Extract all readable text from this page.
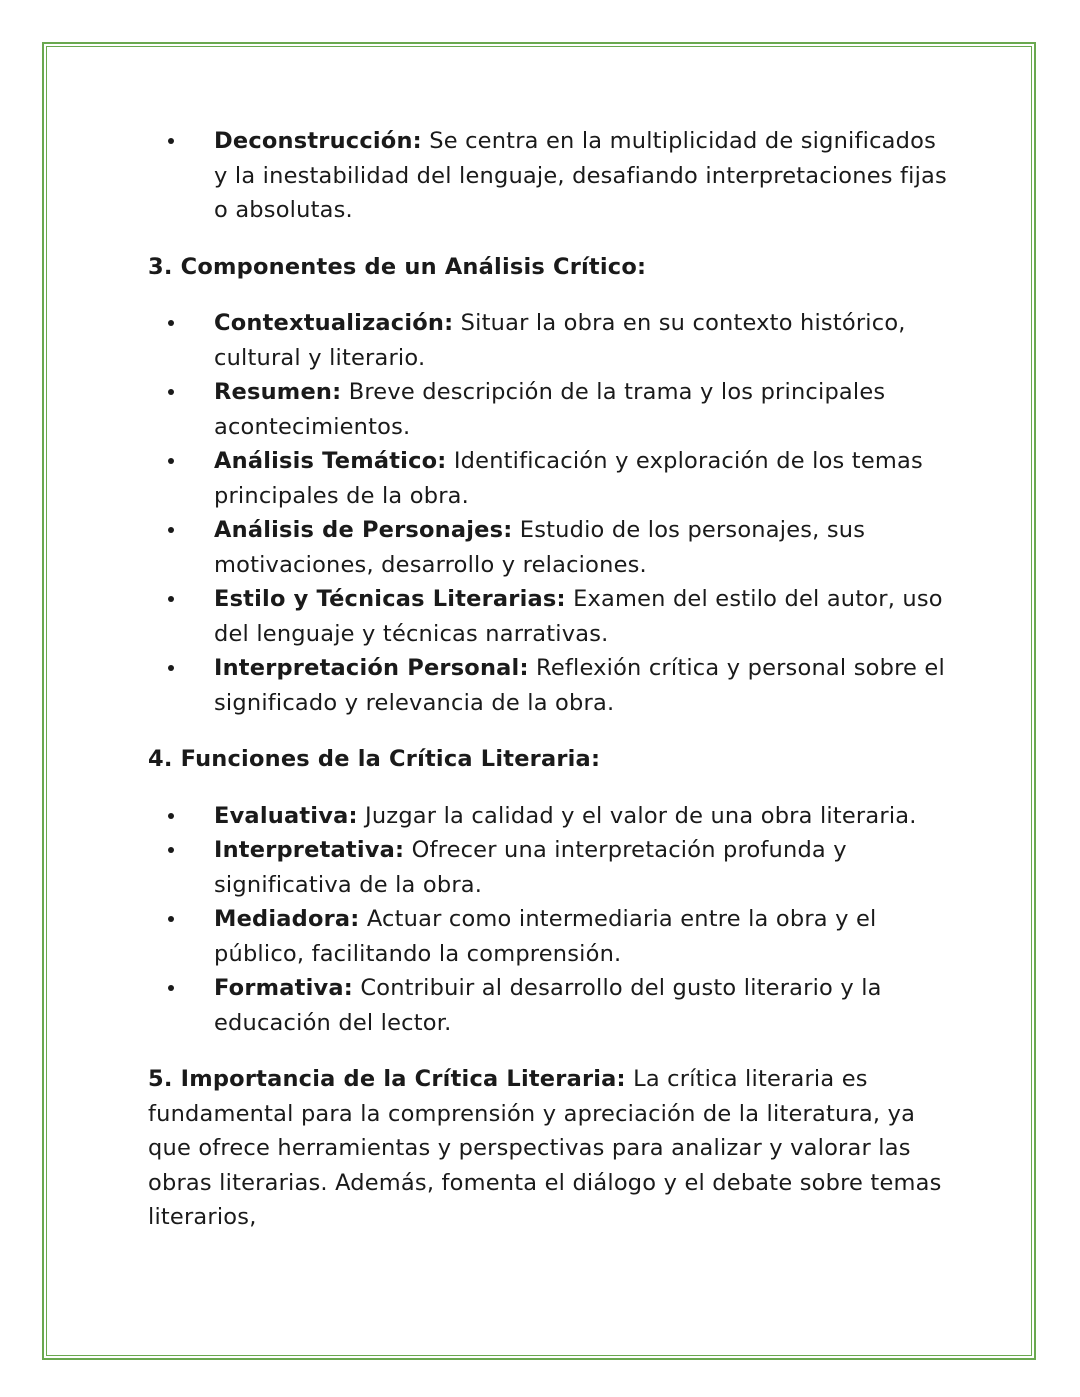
Deconstrucción: Se centra en la multiplicidad de significados y la inestabilidad del lenguaje, desafiando interpretaciones fijas o absolutas.

3. Componentes de un Análisis Crítico:

Contextualización: Situar la obra en su contexto histórico, cultural y literario.
Resumen: Breve descripción de la trama y los principales acontecimientos.
Análisis Temático: Identificación y exploración de los temas principales de la obra.
Análisis de Personajes: Estudio de los personajes, sus motivaciones, desarrollo y relaciones.
Estilo y Técnicas Literarias: Examen del estilo del autor, uso del lenguaje y técnicas narrativas.
Interpretación Personal: Reflexión crítica y personal sobre el significado y relevancia de la obra.

4. Funciones de la Crítica Literaria:

Evaluativa: Juzgar la calidad y el valor de una obra literaria.
Interpretativa: Ofrecer una interpretación profunda y significativa de la obra.
Mediadora: Actuar como intermediaria entre la obra y el público, facilitando la comprensión.
Formativa: Contribuir al desarrollo del gusto literario y la educación del lector.

5. Importancia de la Crítica Literaria: La crítica literaria es fundamental para la comprensión y apreciación de la literatura, ya que ofrece herramientas y perspectivas para analizar y valorar las obras literarias. Además, fomenta el diálogo y el debate sobre temas literarios,
